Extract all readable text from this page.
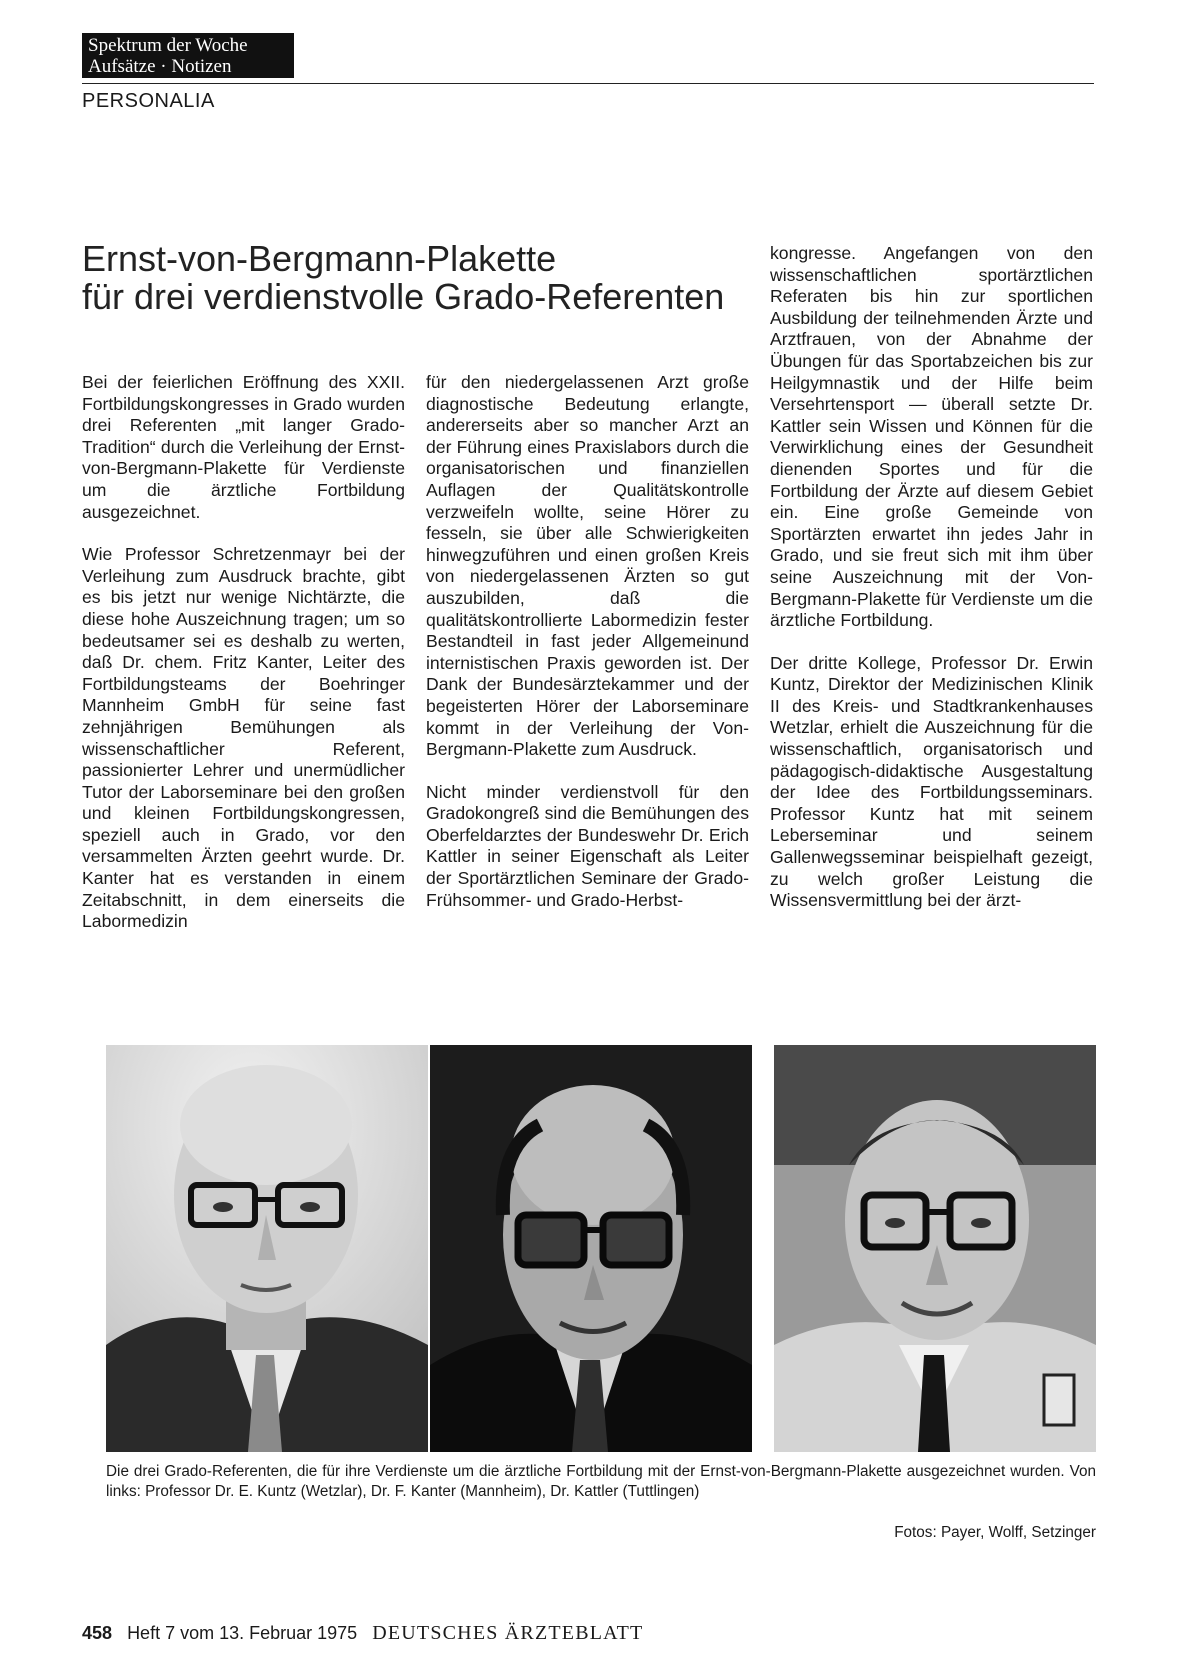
Spektrum der Woche
Aufsätze · Notizen
PERSONALIA
Ernst-von-Bergmann-Plakette
für drei verdienstvolle Grado-Referenten

Bei der feierlichen Eröffnung des XXII. Fortbildungskongresses in Grado wurden drei Referenten „mit langer Grado-Tradition“ durch die Verleihung der Ernst-von-Bergmann-Plakette für Verdienste um die ärztliche Fortbildung ausgezeichnet.

Wie Professor Schretzenmayr bei der Verleihung zum Ausdruck brachte, gibt es bis jetzt nur wenige Nichtärzte, die diese hohe Auszeichnung tragen; um so bedeutsamer sei es deshalb zu werten, daß Dr. chem. Fritz Kanter, Leiter des Fortbildungsteams der Boehringer Mannheim GmbH für seine fast zehnjährigen Bemühungen als wissenschaftlicher Referent, passionierter Lehrer und unermüdlicher Tutor der Laborseminare bei den großen und kleinen Fortbildungskongressen, speziell auch in Grado, vor den versammelten Ärzten geehrt wurde. Dr. Kanter hat es verstanden in einem Zeitabschnitt, in dem einerseits die Labormedizin

für den niedergelassenen Arzt große diagnostische Bedeutung erlangte, andererseits aber so mancher Arzt an der Führung eines Praxislabors durch die organisatorischen und finanziellen Auflagen der Qualitätskontrolle verzweifeln wollte, seine Hörer zu fesseln, sie über alle Schwierigkeiten hinwegzuführen und einen großen Kreis von niedergelassenen Ärzten so gut auszubilden, daß die qualitätskontrollierte Labormedizin fester Bestandteil in fast jeder Allgemeinund internistischen Praxis geworden ist. Der Dank der Bundesärztekammer und der begeisterten Hörer der Laborseminare kommt in der Verleihung der Von-Bergmann-Plakette zum Ausdruck.

Nicht minder verdienstvoll für den Gradokongreß sind die Bemühungen des Oberfeldarztes der Bundeswehr Dr. Erich Kattler in seiner Eigenschaft als Leiter der Sportärztlichen Seminare der Grado-Frühsommer- und Grado-Herbst-

kongresse. Angefangen von den wissenschaftlichen sportärztlichen Referaten bis hin zur sportlichen Ausbildung der teilnehmenden Ärzte und Arztfrauen, von der Abnahme der Übungen für das Sportabzeichen bis zur Heilgymnastik und der Hilfe beim Versehrtensport — überall setzte Dr. Kattler sein Wissen und Können für die Verwirklichung eines der Gesundheit dienenden Sportes und für die Fortbildung der Ärzte auf diesem Gebiet ein. Eine große Gemeinde von Sportärzten erwartet ihn jedes Jahr in Grado, und sie freut sich mit ihm über seine Auszeichnung mit der Von-Bergmann-Plakette für Verdienste um die ärztliche Fortbildung.

Der dritte Kollege, Professor Dr. Erwin Kuntz, Direktor der Medizinischen Klinik II des Kreis- und Stadtkrankenhauses Wetzlar, erhielt die Auszeichnung für die wissenschaftlich, organisatorisch und pädagogisch-didaktische Ausgestaltung der Idee des Fortbildungsseminars. Professor Kuntz hat mit seinem Leberseminar und seinem Gallenwegsseminar beispielhaft gezeigt, zu welch großer Leistung die Wissensvermittlung bei der ärzt-

Die drei Grado-Referenten, die für ihre Verdienste um die ärztliche Fortbildung mit der Ernst-von-Bergmann-Plakette ausgezeichnet wurden. Von links: Professor Dr. E. Kuntz (Wetzlar), Dr. F. Kanter (Mannheim), Dr. Kattler (Tuttlingen)
Fotos: Payer, Wolff, Setzinger
458 Heft 7 vom 13. Februar 1975 DEUTSCHES ÄRZTEBLATT
